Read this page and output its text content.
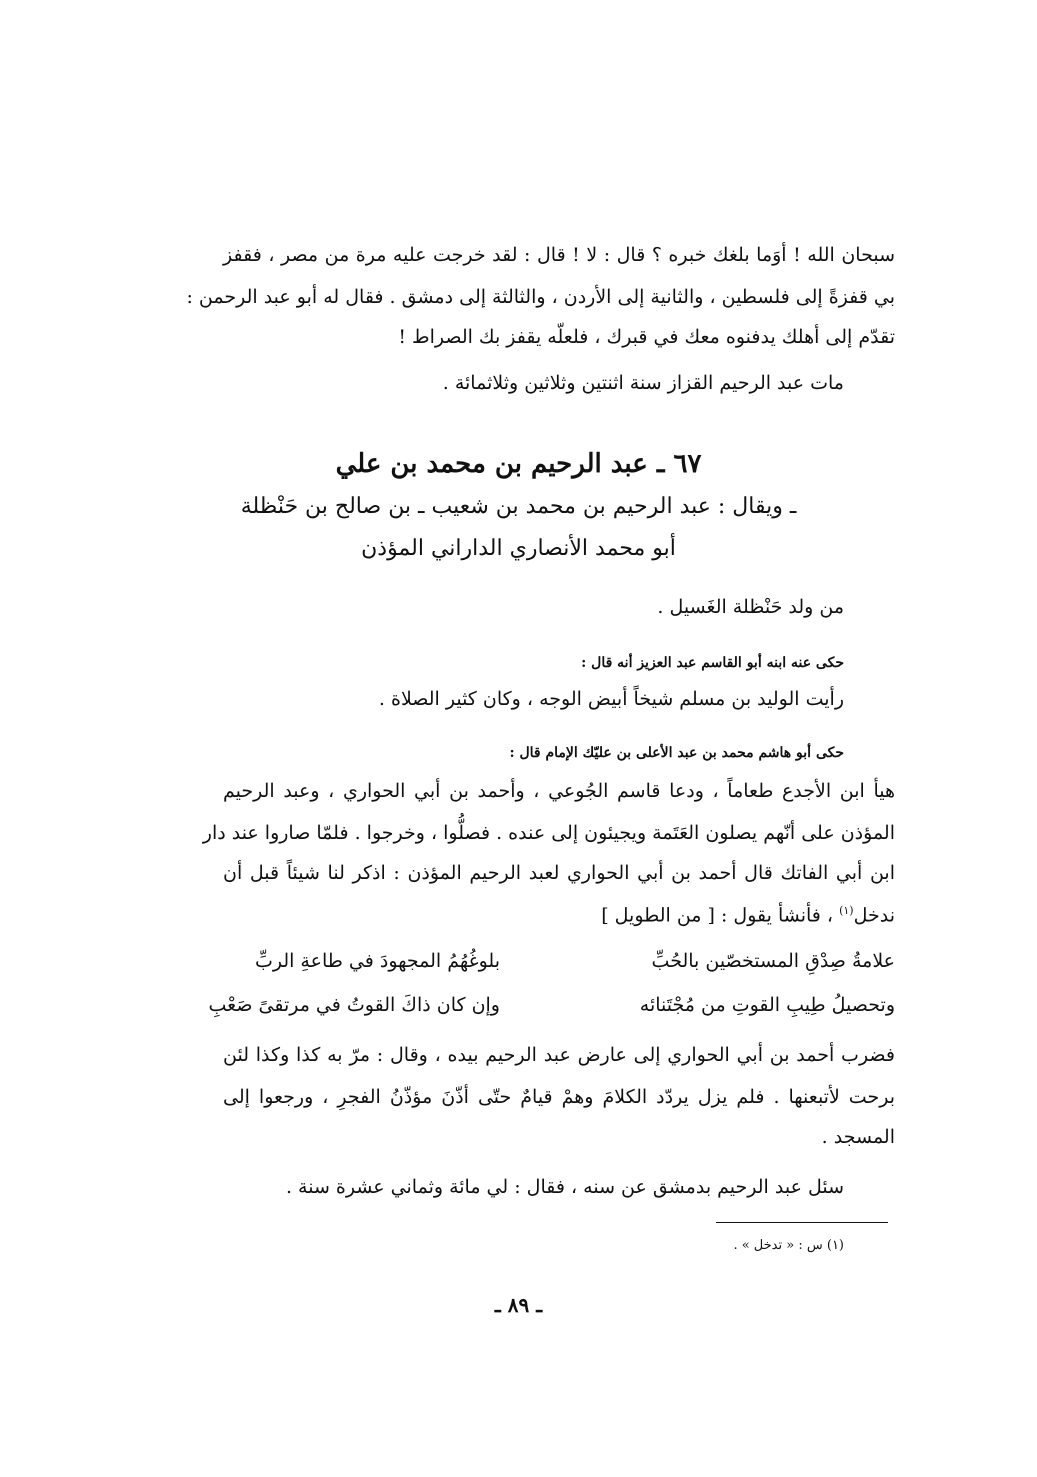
سبحان الله ! أوَما بلغك خبره ؟ قال : لا ! قال : لقد خرجت عليه مرة من مصر ، فقفز
بي قفزةً إلى فلسطين ، والثانية إلى الأردن ، والثالثة إلى دمشق . فقال له أبو عبد الرحمن :
تقدّم إلى أهلك يدفنوه معك في قبرك ، فلعلّه يقفز بك الصراط !
مات عبد الرحيم القزاز سنة اثنتين وثلاثين وثلاثمائة .
٦٧ ـ عبد الرحيم بن محمد بن علي
ـ ويقال : عبد الرحيم بن محمد بن شعيب ـ بن صالح بن حَنْظلة
أبو محمد الأنصاري الداراني المؤذن
من ولد حَنْظلة الغَسيل .
حكى عنه ابنه أبو القاسم عبد العزيز أنه قال :
رأيت الوليد بن مسلم شيخاً أبيض الوجه ، وكان كثير الصلاة .
حكى أبو هاشم محمد بن عبد الأعلى بن عليّك الإمام قال :
هيأ ابن الأجدع طعاماً ، ودعا قاسم الجُوعي ، وأحمد بن أبي الحواري ، وعبد الرحيم
المؤذن على أنّهم يصلون العَتَمة ويجيئون إلى عنده . فصلُّوا ، وخرجوا . فلمّا صاروا عند دار
ابن أبي الفاتك قال أحمد بن أبي الحواري لعبد الرحيم المؤذن : اذكر لنا شيئاً قبل أن
ندخل$^{(١)}$ ، فأنشأ يقول : [ من الطويل ]
علامةُ صِدْقِ المستخصّين بالحُبِّ
بلوغُهُمُ المجهودَ في طاعةِ الربِّ
وتحصيلُ طِيبِ القوتِ من مُجْتَنائه
وإن كان ذاكَ القوتُ في مرتقىً صَعْبِ
فضرب أحمد بن أبي الحواري إلى عارض عبد الرحيم بيده ، وقال : مرّ به كذا وكذا لئن
برحت لأتبعنها . فلم يزل يردّد الكلامَ وهمْ قيامٌ حتّى أذّنَ مؤذّنُ الفجرِ ، ورجعوا إلى
المسجد .
سئل عبد الرحيم بدمشق عن سنه ، فقال : لي مائة وثماني عشرة سنة .
(١) س : « تدخل » .
ـ ٨٩ ـ
